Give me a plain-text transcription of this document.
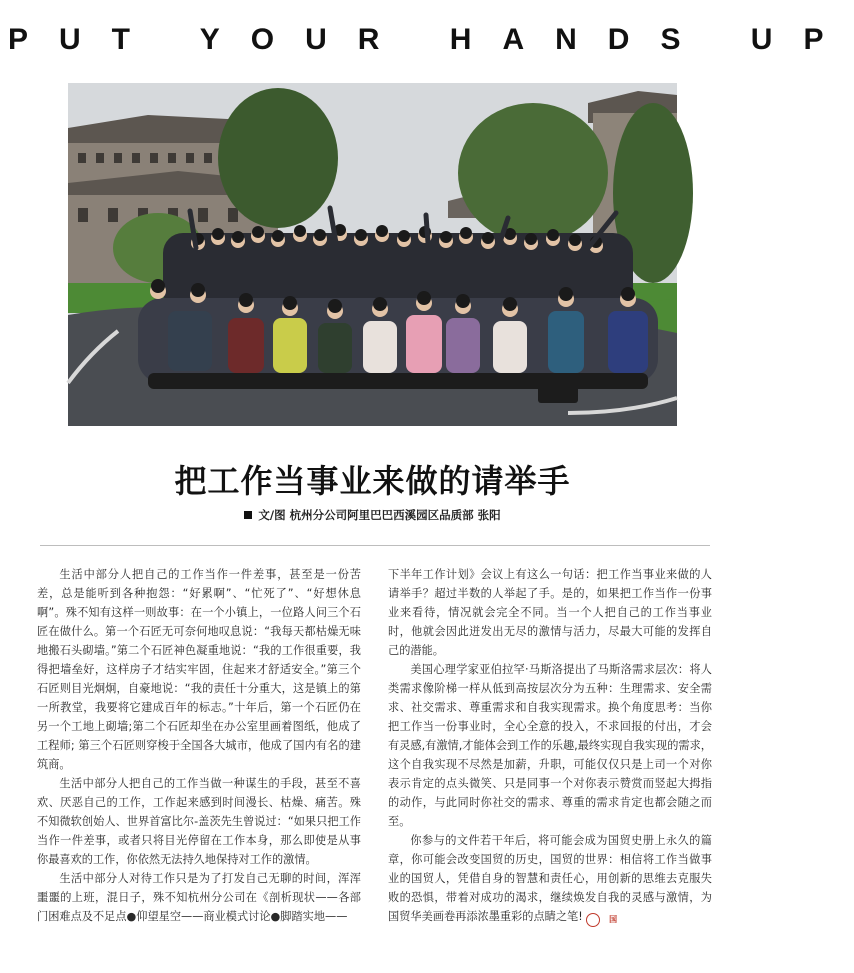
PUT YOUR HANDS UP
把工作当事业来做的请举手
文/图 杭州分公司阿里巴巴西溪园区品质部 张阳

生活中部分人把自己的工作当作一件差事，甚至是一份苦差，总是能听到各种抱怨：“好累啊”、“忙死了”、“好想休息啊”。殊不知有这样一则故事：在一个小镇上，一位路人问三个石匠在做什么。第一个石匠无可奈何地叹息说：“我每天都枯燥无味地搬石头砌墙。”第二个石匠神色凝重地说：“我的工作很重要，我得把墙垒好，这样房子才结实牢固，住起来才舒适安全。”第三个石匠则目光炯炯，自豪地说：“我的责任十分重大，这是镇上的第一所教堂，我要将它建成百年的标志。”十年后，第一个石匠仍在另一个工地上砌墙;第二个石匠却坐在办公室里画着图纸，他成了工程师; 第三个石匠则穿梭于全国各大城市，他成了国内有名的建筑商。

生活中部分人把自己的工作当做一种谋生的手段，甚至不喜欢、厌恶自己的工作，工作起来感到时间漫长、枯燥、痛苦。殊不知微软创始人、世界首富比尔-盖茨先生曾说过：“如果只把工作当作一件差事，或者只将目光停留在工作本身，那么即使是从事你最喜欢的工作，你依然无法持久地保持对工作的激情。

生活中部分人对待工作只是为了打发自己无聊的时间，浑浑噩噩的上班，混日子，殊不知杭州分公司在《剖析现状——各部门困难点及不足点●仰望星空——商业模式讨论●脚踏实地——

下半年工作计划》会议上有这么一句话：把工作当事业来做的人请举手？超过半数的人举起了手。是的，如果把工作当作一份事业来看待，情况就会完全不同。当一个人把自己的工作当事业时，他就会因此迸发出无尽的激情与活力，尽最大可能的发挥自己的潜能。

美国心理学家亚伯拉罕·马斯洛提出了马斯洛需求层次：将人类需求像阶梯一样从低到高按层次分为五种：生理需求、安全需求、社交需求、尊重需求和自我实现需求。换个角度思考：当你把工作当一份事业时，全心全意的投入，不求回报的付出，才会有灵感,有激情,才能体会到工作的乐趣,最终实现自我实现的需求，这个自我实现不尽然是加薪，升职，可能仅仅只是上司一个对你表示肯定的点头微笑、只是同事一个对你表示赞赏而竖起大拇指的动作，与此同时你社交的需求、尊重的需求肯定也都会随之而至。

你参与的文件若干年后，将可能会成为国贸史册上永久的篇章，你可能会改变国贸的历史，国贸的世界：相信将工作当做事业的国贸人，凭借自身的智慧和责任心，用创新的思维去克服失败的恐惧，带着对成功的渴求，继续焕发自我的灵感与激情，为国贸华美画卷再添浓墨重彩的点睛之笔!	国
